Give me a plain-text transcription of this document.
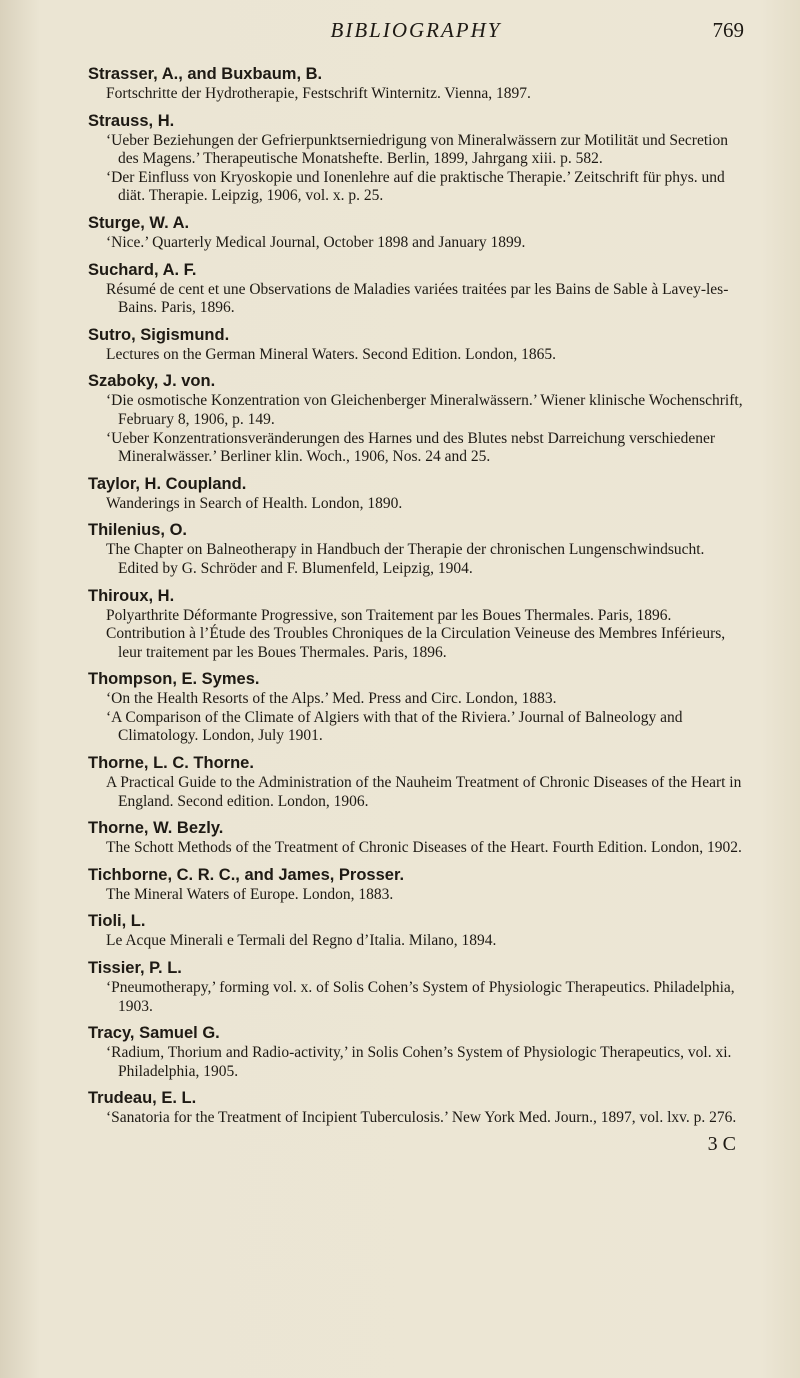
BIBLIOGRAPHY	769
Strasser, A., and Buxbaum, B.
Fortschritte der Hydrotherapie, Festschrift Winternitz. Vienna, 1897.
Strauss, H.
‘Ueber Beziehungen der Gefrierpunktserniedrigung von Mineralwässern zur Motilität und Secretion des Magens.’ Therapeutische Monatshefte. Berlin, 1899, Jahrgang xiii. p. 582.
‘Der Einfluss von Kryoskopie und Ionenlehre auf die praktische Therapie.’ Zeitschrift für phys. und diät. Therapie. Leipzig, 1906, vol. x. p. 25.
Sturge, W. A.
‘Nice.’ Quarterly Medical Journal, October 1898 and January 1899.
Suchard, A. F.
Résumé de cent et une Observations de Maladies variées traitées par les Bains de Sable à Lavey-les-Bains. Paris, 1896.
Sutro, Sigismund.
Lectures on the German Mineral Waters. Second Edition. London, 1865.
Szaboky, J. von.
‘Die osmotische Konzentration von Gleichenberger Mineralwässern.’ Wiener klinische Wochenschrift, February 8, 1906, p. 149.
‘Ueber Konzentrationsveränderungen des Harnes und des Blutes nebst Darreichung verschiedener Mineralwässer.’ Berliner klin. Woch., 1906, Nos. 24 and 25.
Taylor, H. Coupland.
Wanderings in Search of Health. London, 1890.
Thilenius, O.
The Chapter on Balneotherapy in Handbuch der Therapie der chronischen Lungenschwindsucht. Edited by G. Schröder and F. Blumenfeld, Leipzig, 1904.
Thiroux, H.
Polyarthrite Déformante Progressive, son Traitement par les Boues Thermales. Paris, 1896.
Contribution à l’Étude des Troubles Chroniques de la Circulation Veineuse des Membres Inférieurs, leur traitement par les Boues Thermales. Paris, 1896.
Thompson, E. Symes.
‘On the Health Resorts of the Alps.’ Med. Press and Circ. London, 1883.
‘A Comparison of the Climate of Algiers with that of the Riviera.’ Journal of Balneology and Climatology. London, July 1901.
Thorne, L. C. Thorne.
A Practical Guide to the Administration of the Nauheim Treatment of Chronic Diseases of the Heart in England. Second edition. London, 1906.
Thorne, W. Bezly.
The Schott Methods of the Treatment of Chronic Diseases of the Heart. Fourth Edition. London, 1902.
Tichborne, C. R. C., and James, Prosser.
The Mineral Waters of Europe. London, 1883.
Tioli, L.
Le Acque Minerali e Termali del Regno d’Italia. Milano, 1894.
Tissier, P. L.
‘Pneumotherapy,’ forming vol. x. of Solis Cohen’s System of Physiologic Therapeutics. Philadelphia, 1903.
Tracy, Samuel G.
‘Radium, Thorium and Radio-activity,’ in Solis Cohen’s System of Physiologic Therapeutics, vol. xi. Philadelphia, 1905.
Trudeau, E. L.
‘Sanatoria for the Treatment of Incipient Tuberculosis.’ New York Med. Journ., 1897, vol. lxv. p. 276.
3 C
